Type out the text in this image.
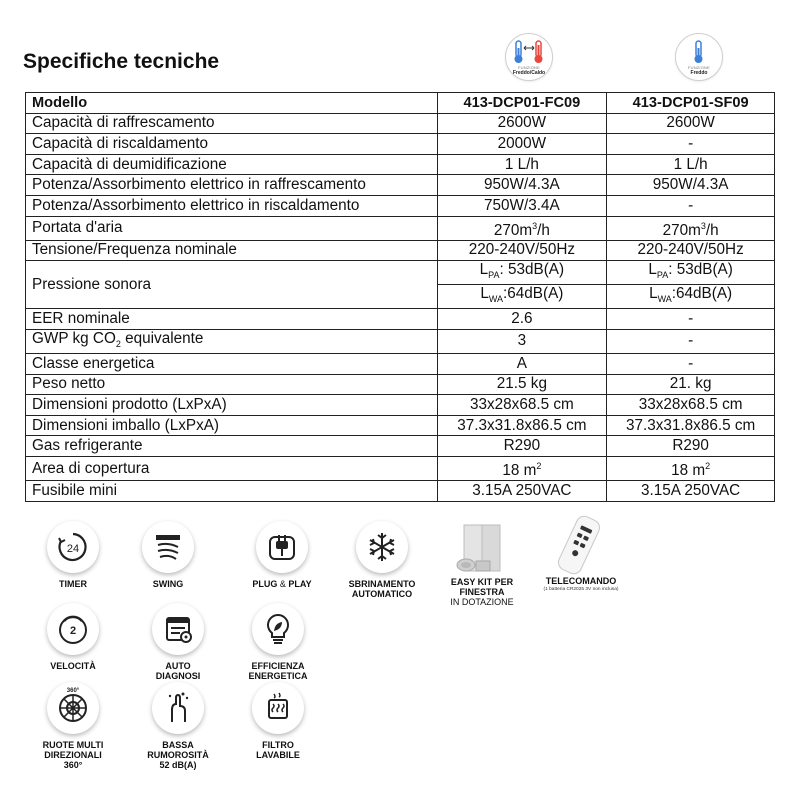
Specifiche tecniche	FUNZIONE
Freddo/Caldo
FUNZIONE
Freddo
Modello	413-DCP01-FC09	413-DCP01-SF09
Capacità di raffrescamento	2600W	2600W
Capacità di riscaldamento	2000W	-
Capacità di deumidificazione	1 L/h	1 L/h
Potenza/Assorbimento elettrico in raffrescamento	950W/4.3A	950W/4.3A
Potenza/Assorbimento elettrico in riscaldamento	750W/3.4A	-
Portata d'aria	$270m^3/h$	$270m^3/h$
Tensione/Frequenza nominale	220-240V/50Hz	220-240V/50Hz
Pressione sonora	$L_{PA}$: 53dB(A)	$L_{PA}$: 53dB(A)
	$L_{WA}:64dB(A)$	$L_{WA}:64dB(A)$
EER nominale	2.6	-
GWP kg $CO_2$ equivalente	3	-
Classe energetica	A	-
Peso netto	21.5 kg	21. kg
Dimensioni prodotto (LxPxA)	33x28x68.5 cm	33x28x68.5 cm
Dimensioni imballo (LxPxA)	37.3x31.8x86.5 cm	37.3x31.8x86.5 cm
Gas refrigerante	R290	R290
Area di copertura	18 $m^2$	18 $m^2$
Fusibile mini	3.15A 250VAC	3.15A 250VAC
24
TIMER	SWING	PLUG & PLAY	SBRINAMENTO
AUTOMATICO
EASY KIT PER
FINESTRA
IN DOTAZIONE
TELECOMANDO
(1 batteria CR2025 3V non inclusa)
2
VELOCITÀ	AUTO
DIAGNOSI
EFFICIENZA
ENERGETICA
360°
RUOTE MULTI
DIREZIONALI
360°
BASSA
RUMOROSITÀ
52 dB(A)
FILTRO
LAVABILE
